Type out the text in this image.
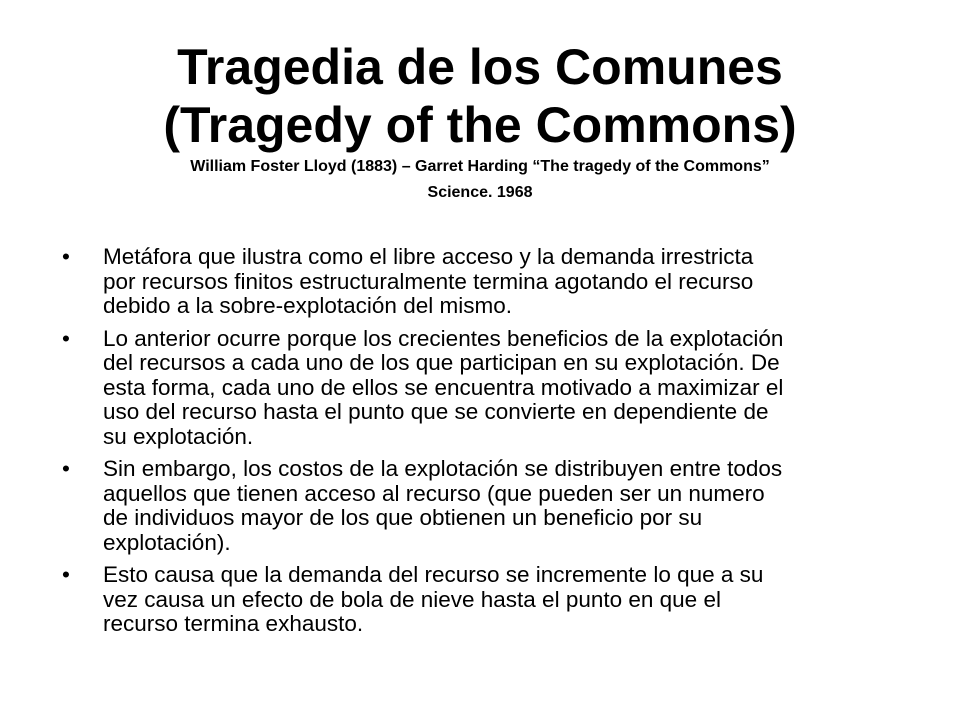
Tragedia de los Comunes

(Tragedy of the Commons)

William Foster Lloyd (1883) – Garret Harding “The tragedy of the Commons”

Science. 1968

• Metáfora que ilustra como el libre acceso y la demanda irrestricta
por recursos finitos estructuralmente termina agotando el recurso
debido a la sobre-explotación del mismo.
• Lo anterior ocurre porque los crecientes beneficios de la explotación
del recursos a cada uno de los que participan en su explotación. De
esta forma, cada uno de ellos se encuentra motivado a maximizar el
uso del recurso hasta el punto que se convierte en dependiente de
su explotación.
• Sin embargo, los costos de la explotación se distribuyen entre todos
aquellos que tienen acceso al recurso (que pueden ser un numero
de individuos mayor de los que obtienen un beneficio por su
explotación).
• Esto causa que la demanda del recurso se incremente lo que a su
vez causa un efecto de bola de nieve hasta el punto en que el
recurso termina exhausto.
